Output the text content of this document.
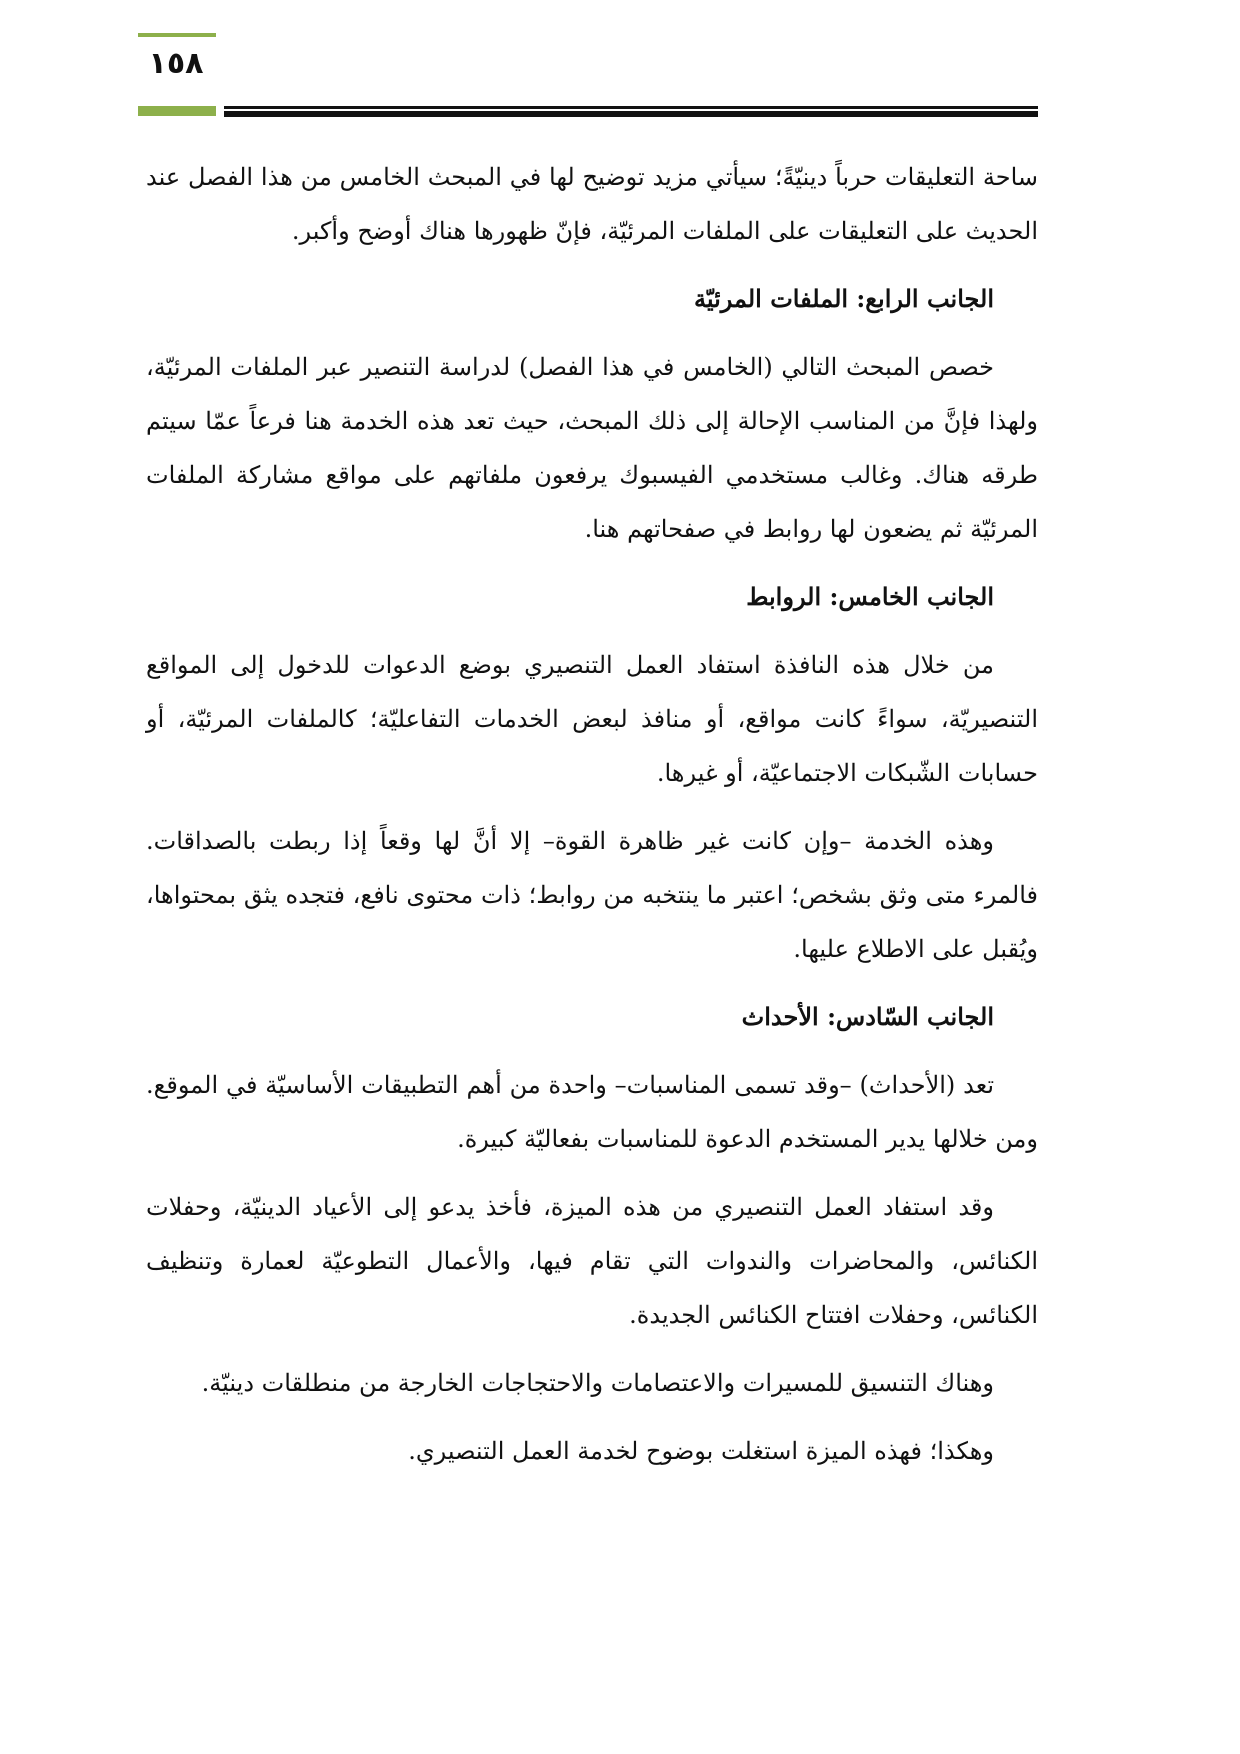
١٥٨

ساحة التعليقات حرباً دينيّةً؛ سيأتي مزيد توضيح لها في المبحث الخامس من هذا الفصل عند الحديث على التعليقات على الملفات المرئيّة، فإنّ ظهورها هناك أوضح وأكبر.

الجانب الرابع: الملفات المرئيّة

خصص المبحث التالي (الخامس في هذا الفصل) لدراسة التنصير عبر الملفات المرئيّة، ولهذا فإنَّ من المناسب الإحالة إلى ذلك المبحث، حيث تعد هذه الخدمة هنا فرعاً عمّا سيتم طرقه هناك. وغالب مستخدمي الفيسبوك يرفعون ملفاتهم على مواقع مشاركة الملفات المرئيّة ثم يضعون لها روابط في صفحاتهم هنا.

الجانب الخامس: الروابط

من خلال هذه النافذة استفاد العمل التنصيري بوضع الدعوات للدخول إلى المواقع التنصيريّة، سواءً كانت مواقع، أو منافذ لبعض الخدمات التفاعليّة؛ كالملفات المرئيّة، أو حسابات الشّبكات الاجتماعيّة، أو غيرها.

وهذه الخدمة –وإن كانت غير ظاهرة القوة– إلا أنَّ لها وقعاً إذا ربطت بالصداقات. فالمرء متى وثق بشخص؛ اعتبر ما ينتخبه من روابط؛ ذات محتوى نافع، فتجده يثق بمحتواها، ويُقبل على الاطلاع عليها.

الجانب السّادس: الأحداث

تعد (الأحداث) –وقد تسمى المناسبات– واحدة من أهم التطبيقات الأساسيّة في الموقع. ومن خلالها يدير المستخدم الدعوة للمناسبات بفعاليّة كبيرة.

وقد استفاد العمل التنصيري من هذه الميزة، فأخذ يدعو إلى الأعياد الدينيّة، وحفلات الكنائس، والمحاضرات والندوات التي تقام فيها، والأعمال التطوعيّة لعمارة وتنظيف الكنائس، وحفلات افتتاح الكنائس الجديدة.

وهناك التنسيق للمسيرات والاعتصامات والاحتجاجات الخارجة من منطلقات دينيّة.

وهكذا؛ فهذه الميزة استغلت بوضوح لخدمة العمل التنصيري.
